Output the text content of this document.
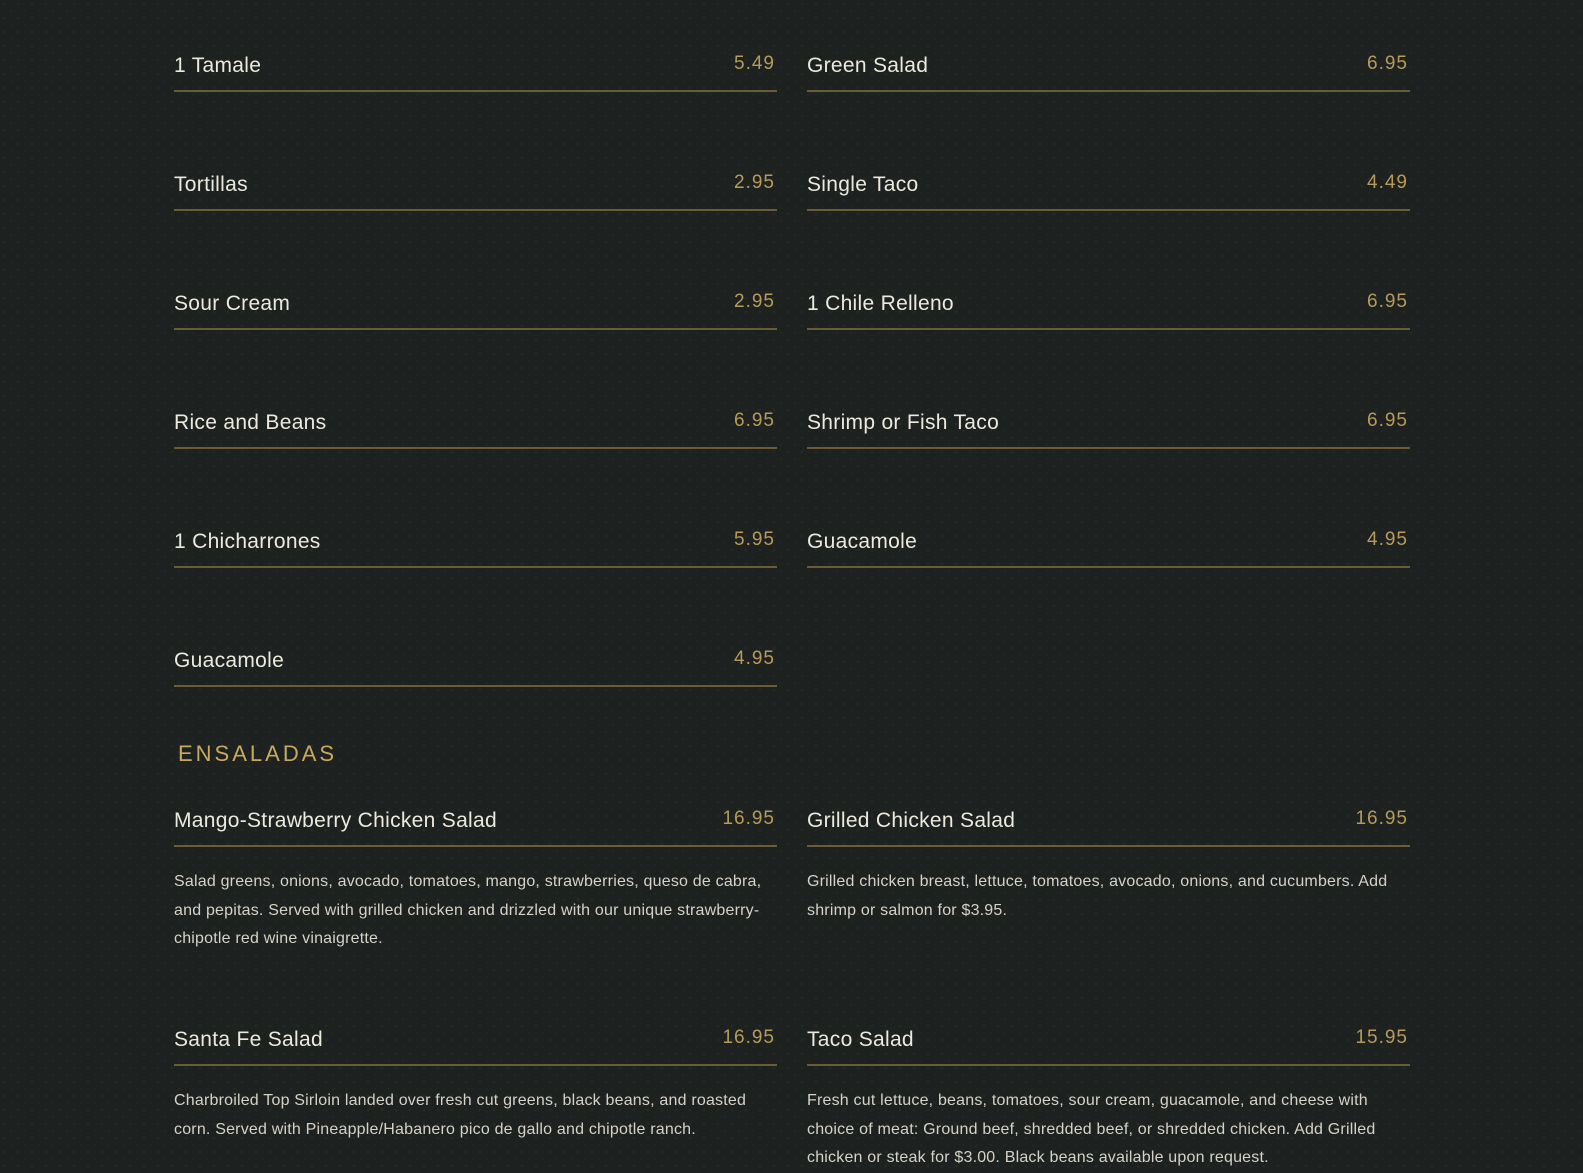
1 Tamale	5.49
Tortillas	2.95
Sour Cream	2.95
Rice and Beans	6.95
1 Chicharrones	5.95
Guacamole	4.95
Green Salad	6.95
Single Taco	4.49
1 Chile Relleno	6.95
Shrimp or Fish Taco	6.95
Guacamole	4.95
ENSALADAS
Mango-Strawberry Chicken Salad	16.95
Salad greens, onions, avocado, tomatoes, mango, strawberries, queso de cabra, and pepitas. Served with grilled chicken and drizzled with our unique strawberry-chipotle red wine vinaigrette.
Grilled Chicken Salad	16.95
Grilled chicken breast, lettuce, tomatoes, avocado, onions, and cucumbers. Add shrimp or salmon for $3.95.
Santa Fe Salad	16.95
Charbroiled Top Sirloin landed over fresh cut greens, black beans, and roasted corn. Served with Pineapple/Habanero pico de gallo and chipotle ranch.
Taco Salad	15.95
Fresh cut lettuce, beans, tomatoes, sour cream, guacamole, and cheese with choice of meat: Ground beef, shredded beef, or shredded chicken. Add Grilled chicken or steak for $3.00. Black beans available upon request.
